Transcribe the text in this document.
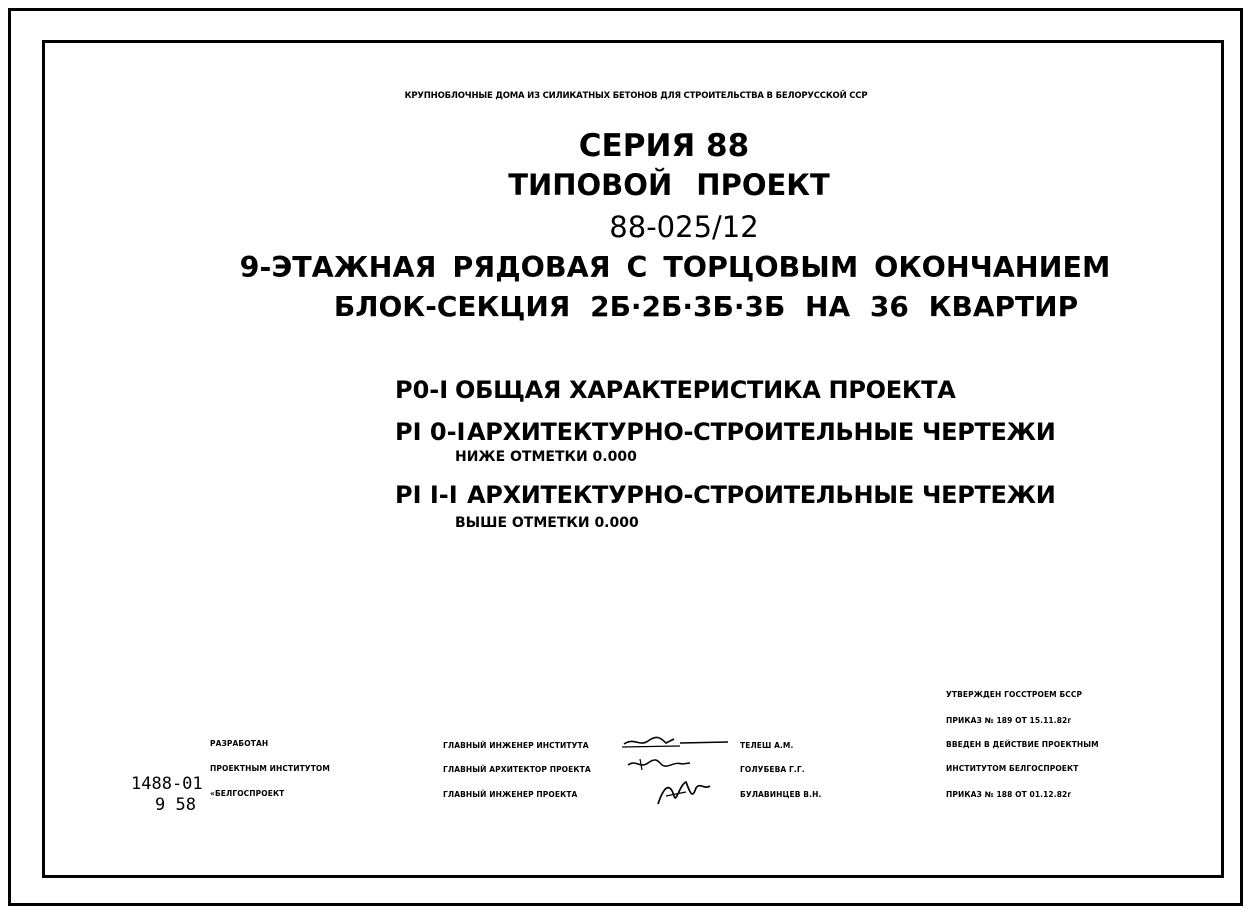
КРУПНОБЛОЧНЫЕ ДОМА ИЗ СИЛИКАТНЫХ БЕТОНОВ ДЛЯ СТРОИТЕЛЬСТВА В БЕЛОРУССКОЙ ССР
СЕРИЯ 88
ТИПОВОЙ ПРОЕКТ
88-025/12
9-ЭТАЖНАЯ РЯДОВАЯ С ТОРЦОВЫМ ОКОНЧАНИЕМ
БЛОК-СЕКЦИЯ 2Б·2Б·3Б·3Б НА 36 КВАРТИР
Р0-I ОБЩАЯ ХАРАКТЕРИСТИКА ПРОЕКТА
РI 0-I АРХИТЕКТУРНО-СТРОИТЕЛЬНЫЕ ЧЕРТЕЖИ
НИЖЕ ОТМЕТКИ 0.000
РI I-I АРХИТЕКТУРНО-СТРОИТЕЛЬНЫЕ ЧЕРТЕЖИ
ВЫШЕ ОТМЕТКИ 0.000
РАЗРАБОТАН
ПРОЕКТНЫМ ИНСТИТУТОМ
«БЕЛГОСПРОЕКТ
ГЛАВНЫЙ ИНЖЕНЕР ИНСТИТУТА	ТЕЛЕШ А.М.
ГЛАВНЫЙ АРХИТЕКТОР ПРОЕКТА	ГОЛУБЕВА Г.Г.
ГЛАВНЫЙ ИНЖЕНЕР ПРОЕКТА	БУЛАВИНЦЕВ В.Н.
УТВЕРЖДЕН ГОССТРОЕМ БССР
ПРИКАЗ № 189 ОТ 15.11.82г
ВВЕДЕН В ДЕЙСТВИЕ ПРОЕКТНЫМ
ИНСТИТУТОМ БЕЛГОСПРОЕКТ
ПРИКАЗ № 188 ОТ 01.12.82г
1488-01
9 58
